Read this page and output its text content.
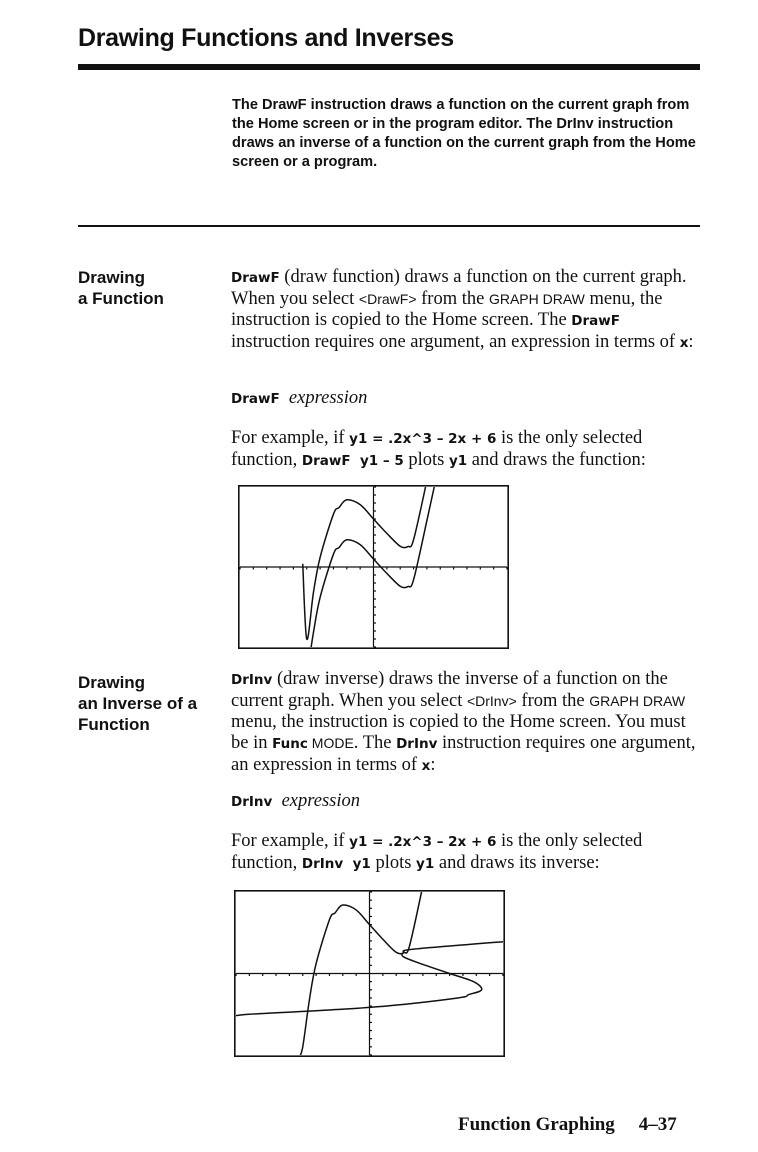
Drawing Functions and Inverses
The DrawF instruction draws a function on the current graph from the Home screen or in the program editor. The DrInv instruction draws an inverse of a function on the current graph from the Home screen or a program.
Drawing
a Function
DrawF (draw function) draws a function on the current graph. When you select <DrawF> from the GRAPH DRAW menu, the instruction is copied to the Home screen. The DrawF instruction requires one argument, an expression in terms of x:
DrawF expression
For example, if y1 = .2x^3 – 2x + 6 is the only selected function, DrawF  y1 – 5 plots y1 and draws the function:
Drawing
an Inverse of a
Function
DrInv (draw inverse) draws the inverse of a function on the current graph. When you select <DrInv> from the GRAPH DRAW menu, the instruction is copied to the Home screen. You must be in Func MODE. The DrInv instruction requires one argument, an expression in terms of x:
DrInv expression
For example, if y1 = .2x^3 – 2x + 6 is the only selected function, DrInv  y1 plots y1 and draws its inverse:
Function Graphing 4–37
